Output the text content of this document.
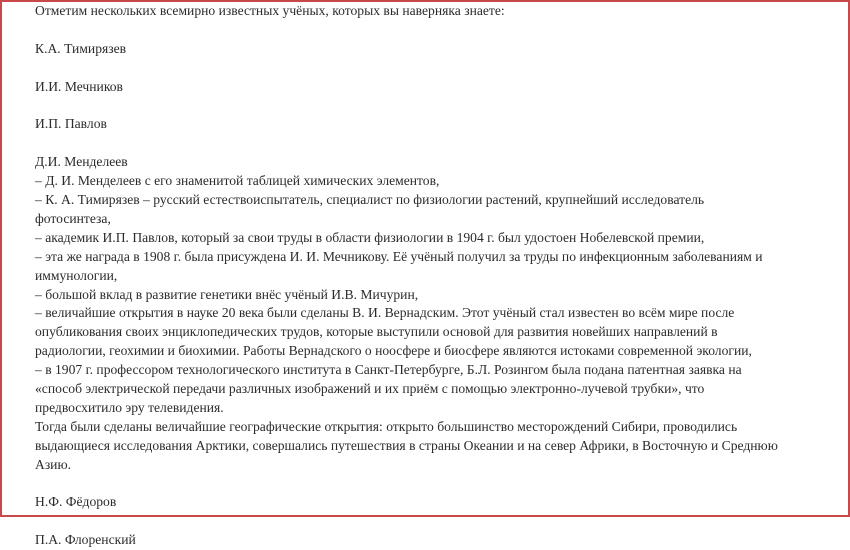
Отметим нескольких всемирно известных учёных, которых вы наверняка знаете:

К.А. Тимирязев

И.И. Мечников

И.П. Павлов

Д.И. Менделеев

– Д. И. Менделеев с его знаменитой таблицей химических элементов,
– К. А. Тимирязев – русский естествоиспытатель, специалист по физиологии растений, крупнейший исследователь
фотосинтеза,
– академик И.П. Павлов, который за свои труды в области физиологии в 1904 г. был удостоен Нобелевской премии,
– эта же награда в 1908 г. была присуждена И. И. Мечникову. Её учёный получил за труды по инфекционным заболеваниям и
иммунологии,
– большой вклад в развитие генетики внёс учёный И.В. Мичурин,
– величайшие открытия в науке 20 века были сделаны В. И. Вернадским. Этот учёный стал известен во всём мире после
опубликования своих энциклопедических трудов, которые выступили основой для развития новейших направлений в
радиологии, геохимии и биохимии. Работы Вернадского о ноосфере и биосфере являются истоками современной экологии,
– в 1907 г. профессором технологического института в Санкт-Петербурге, Б.Л. Розингом была подана патентная заявка на
«способ электрической передачи различных изображений и их приём с помощью электронно-лучевой трубки», что
предвосхитило эру телевидения.
Тогда были сделаны величайшие географические открытия: открыто большинство месторождений Сибири, проводились
выдающиеся исследования Арктики, совершались путешествия в страны Океании и на север Африки, в Восточную и Среднюю
Азию.

Н.Ф. Фёдоров

П.А. Флоренский
